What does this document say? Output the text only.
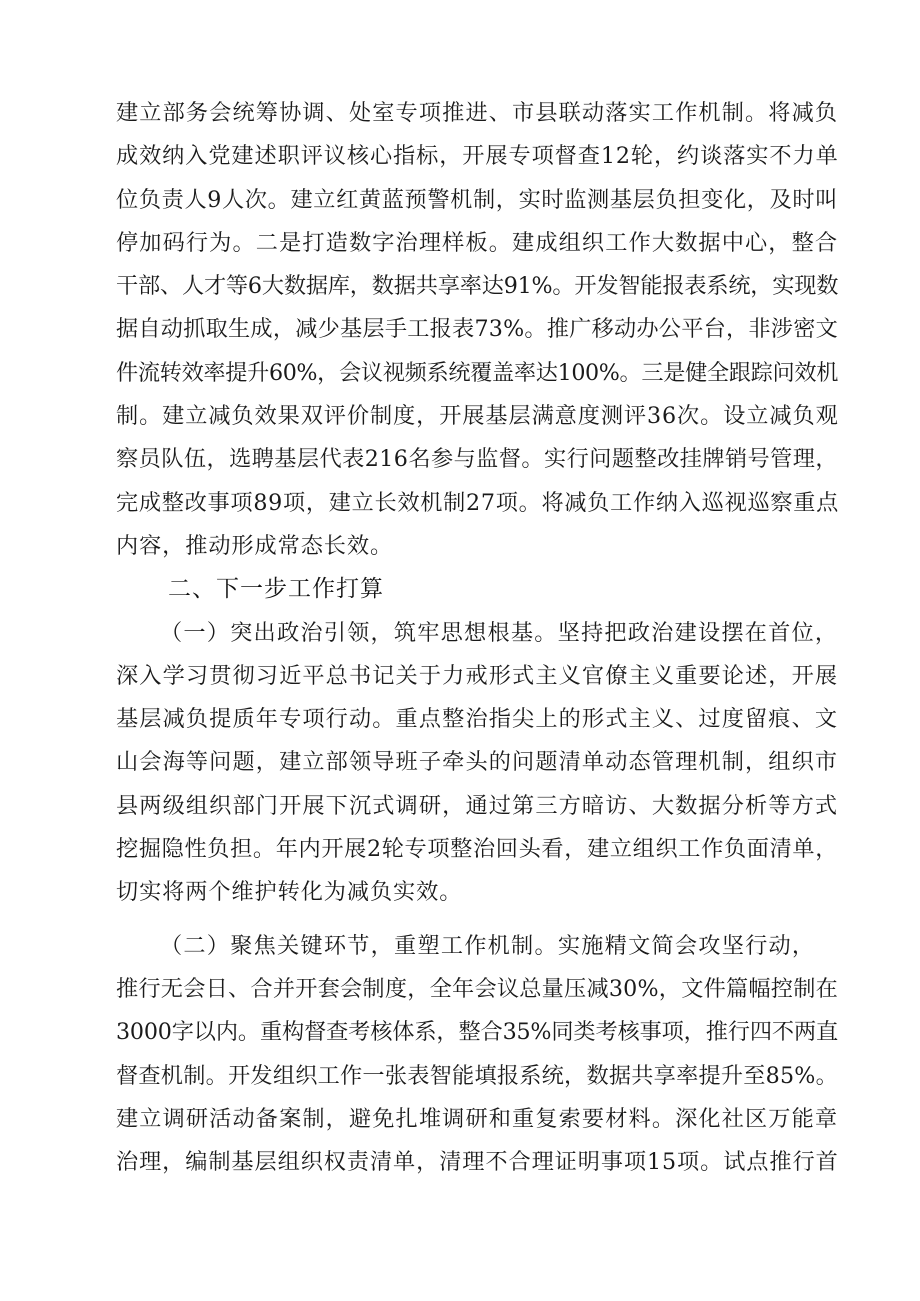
建立部务会统筹协调、处室专项推进、市县联动落实工作机制。将减负
成效纳入党建述职评议核心指标，开展专项督查12轮，约谈落实不力单
位负责人9人次。建立红黄蓝预警机制，实时监测基层负担变化，及时叫
停加码行为。二是打造数字治理样板。建成组织工作大数据中心，整合
干部、人才等6大数据库，数据共享率达91%。开发智能报表系统，实现数
据自动抓取生成，减少基层手工报表73%。推广移动办公平台，非涉密文
件流转效率提升60%，会议视频系统覆盖率达100%。三是健全跟踪问效机
制。建立减负效果双评价制度，开展基层满意度测评36次。设立减负观
察员队伍，选聘基层代表216名参与监督。实行问题整改挂牌销号管理，
完成整改事项89项，建立长效机制27项。将减负工作纳入巡视巡察重点
内容，推动形成常态长效。
二、下一步工作打算
（一）突出政治引领，筑牢思想根基。坚持把政治建设摆在首位，
深入学习贯彻习近平总书记关于力戒形式主义官僚主义重要论述，开展
基层减负提质年专项行动。重点整治指尖上的形式主义、过度留痕、文
山会海等问题，建立部领导班子牵头的问题清单动态管理机制，组织市
县两级组织部门开展下沉式调研，通过第三方暗访、大数据分析等方式
挖掘隐性负担。年内开展2轮专项整治回头看，建立组织工作负面清单，
切实将两个维护转化为减负实效。
（二）聚焦关键环节，重塑工作机制。实施精文简会攻坚行动，
推行无会日、合并开套会制度，全年会议总量压减30%，文件篇幅控制在
3000字以内。重构督查考核体系，整合35%同类考核事项，推行四不两直
督查机制。开发组织工作一张表智能填报系统，数据共享率提升至85%。
建立调研活动备案制，避免扎堆调研和重复索要材料。深化社区万能章
治理，编制基层组织权责清单，清理不合理证明事项15项。试点推行首
